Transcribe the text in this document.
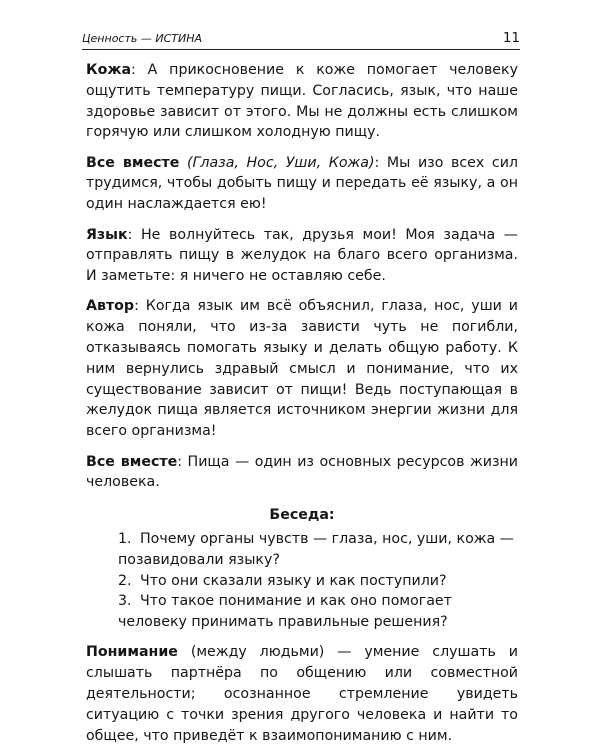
Ценность — ИСТИНА	11

Кожа: А прикосновение к коже помогает человеку ощутить температуру пищи. Согласись, язык, что наше здоровье зависит от этого. Мы не должны есть слишком горячую или слишком холодную пищу.

Все вместе (Глаза, Нос, Уши, Кожа): Мы изо всех сил трудимся, чтобы добыть пищу и передать её языку, а он один наслаждается ею!

Язык: Не волнуйтесь так, друзья мои! Моя задача — отправлять пищу в желудок на благо всего организма. И заметьте: я ничего не оставляю себе.

Автор: Когда язык им всё объяснил, глаза, нос, уши и кожа поняли, что из-за зависти чуть не погибли, отказываясь помогать языку и делать общую работу. К ним вернулись здравый смысл и понимание, что их существование зависит от пищи! Ведь поступающая в желудок пища является источником энергии жизни для всего организма!

Все вместе: Пища — один из основных ресурсов жизни человека.

Беседа:
1. Почему органы чувств — глаза, нос, уши, кожа — позавидовали языку?
2. Что они сказали языку и как поступили?
3. Что такое понимание и как оно помогает человеку принимать правильные решения?

Понимание (между людьми) — умение слушать и слышать партнёра по общению или совместной деятельности; осознанное стремление увидеть ситуацию с точки зрения другого человека и найти то общее, что приведёт к взаимопониманию с ним.
